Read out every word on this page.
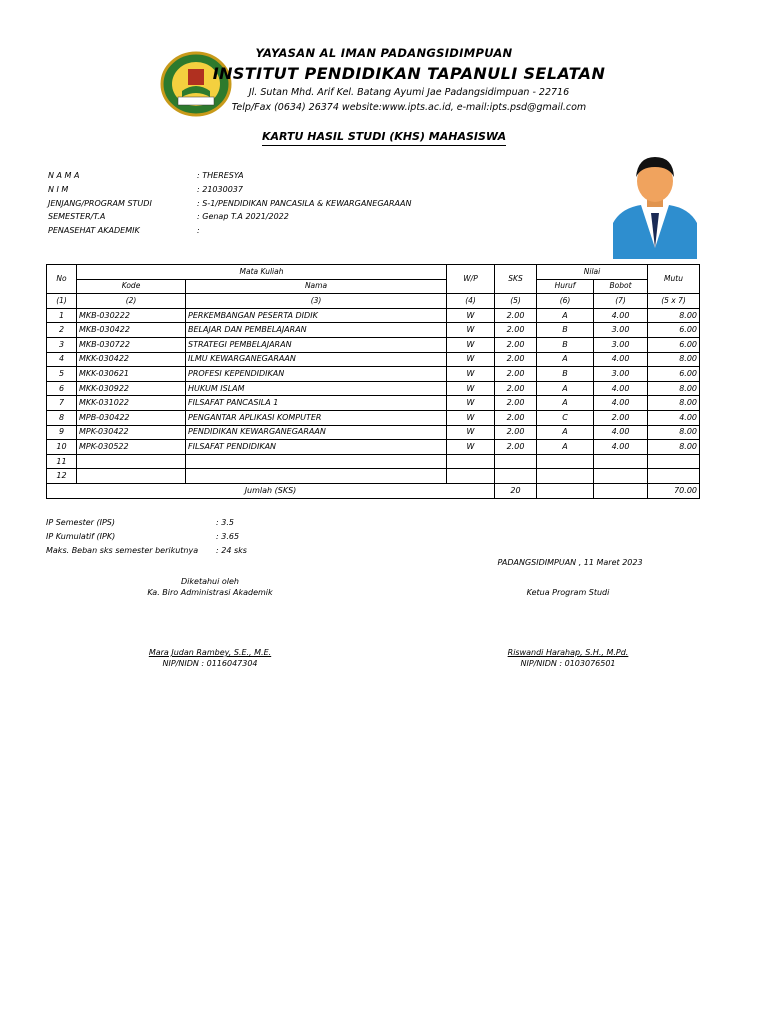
YAYASAN AL IMAN PADANGSIDIMPUAN
INSTITUT PENDIDIKAN TAPANULI SELATAN
Jl. Sutan Mhd. Arif Kel. Batang Ayumi Jae Padangsidimpuan - 22716
Telp/Fax (0634) 26374 website:www.ipts.ac.id, e-mail:ipts.psd@gmail.com
KARTU HASIL STUDI (KHS) MAHASISWA
N A M A	: THERESYA
N I M	: 21030037
JENJANG/PROGRAM STUDI	: S-1/PENDIDIKAN PANCASILA & KEWARGANEGARAAN
SEMESTER/T.A	: Genap T.A 2021/2022
PENASEHAT AKADEMIK	:
No	Mata Kuliah		W/P	SKS	Nilai		Mutu
	Kode	Nama			Huruf	Bobot	
(1)	(2)	(3)	(4)	(5)	(6)	(7)	(5 x 7)
1	MKB-030222	PERKEMBANGAN PESERTA DIDIK	W	2.00	A	4.00	8.00
2	MKB-030422	BELAJAR DAN PEMBELAJARAN	W	2.00	B	3.00	6.00
3	MKB-030722	STRATEGI PEMBELAJARAN	W	2.00	B	3.00	6.00
4	MKK-030422	ILMU KEWARGANEGARAAN	W	2.00	A	4.00	8.00
5	MKK-030621	PROFESI KEPENDIDIKAN	W	2.00	B	3.00	6.00
6	MKK-030922	HUKUM ISLAM	W	2.00	A	4.00	8.00
7	MKK-031022	FILSAFAT PANCASILA 1	W	2.00	A	4.00	8.00
8	MPB-030422	PENGANTAR APLIKASI KOMPUTER	W	2.00	C	2.00	4.00
9	MPK-030422	PENDIDIKAN KEWARGANEGARAAN	W	2.00	A	4.00	8.00
10	MPK-030522	FILSAFAT PENDIDIKAN	W	2.00	A	4.00	8.00
11							
12							
Jumlah (SKS)				20			70.00
IP Semester (IPS)	: 3.5
IP Kumulatif (IPK)	: 3.65
Maks. Beban sks semester berikutnya : 24 sks
PADANGSIDIMPUAN , 11 Maret 2023
Diketahui oleh
Ka. Biro Administrasi Akademik	Ketua Program Studi
Mara Judan Rambey, S.E., M.E.
NIP/NIDN : 0116047304
Riswandi Harahap, S.H., M.Pd.
NIP/NIDN : 0103076501
